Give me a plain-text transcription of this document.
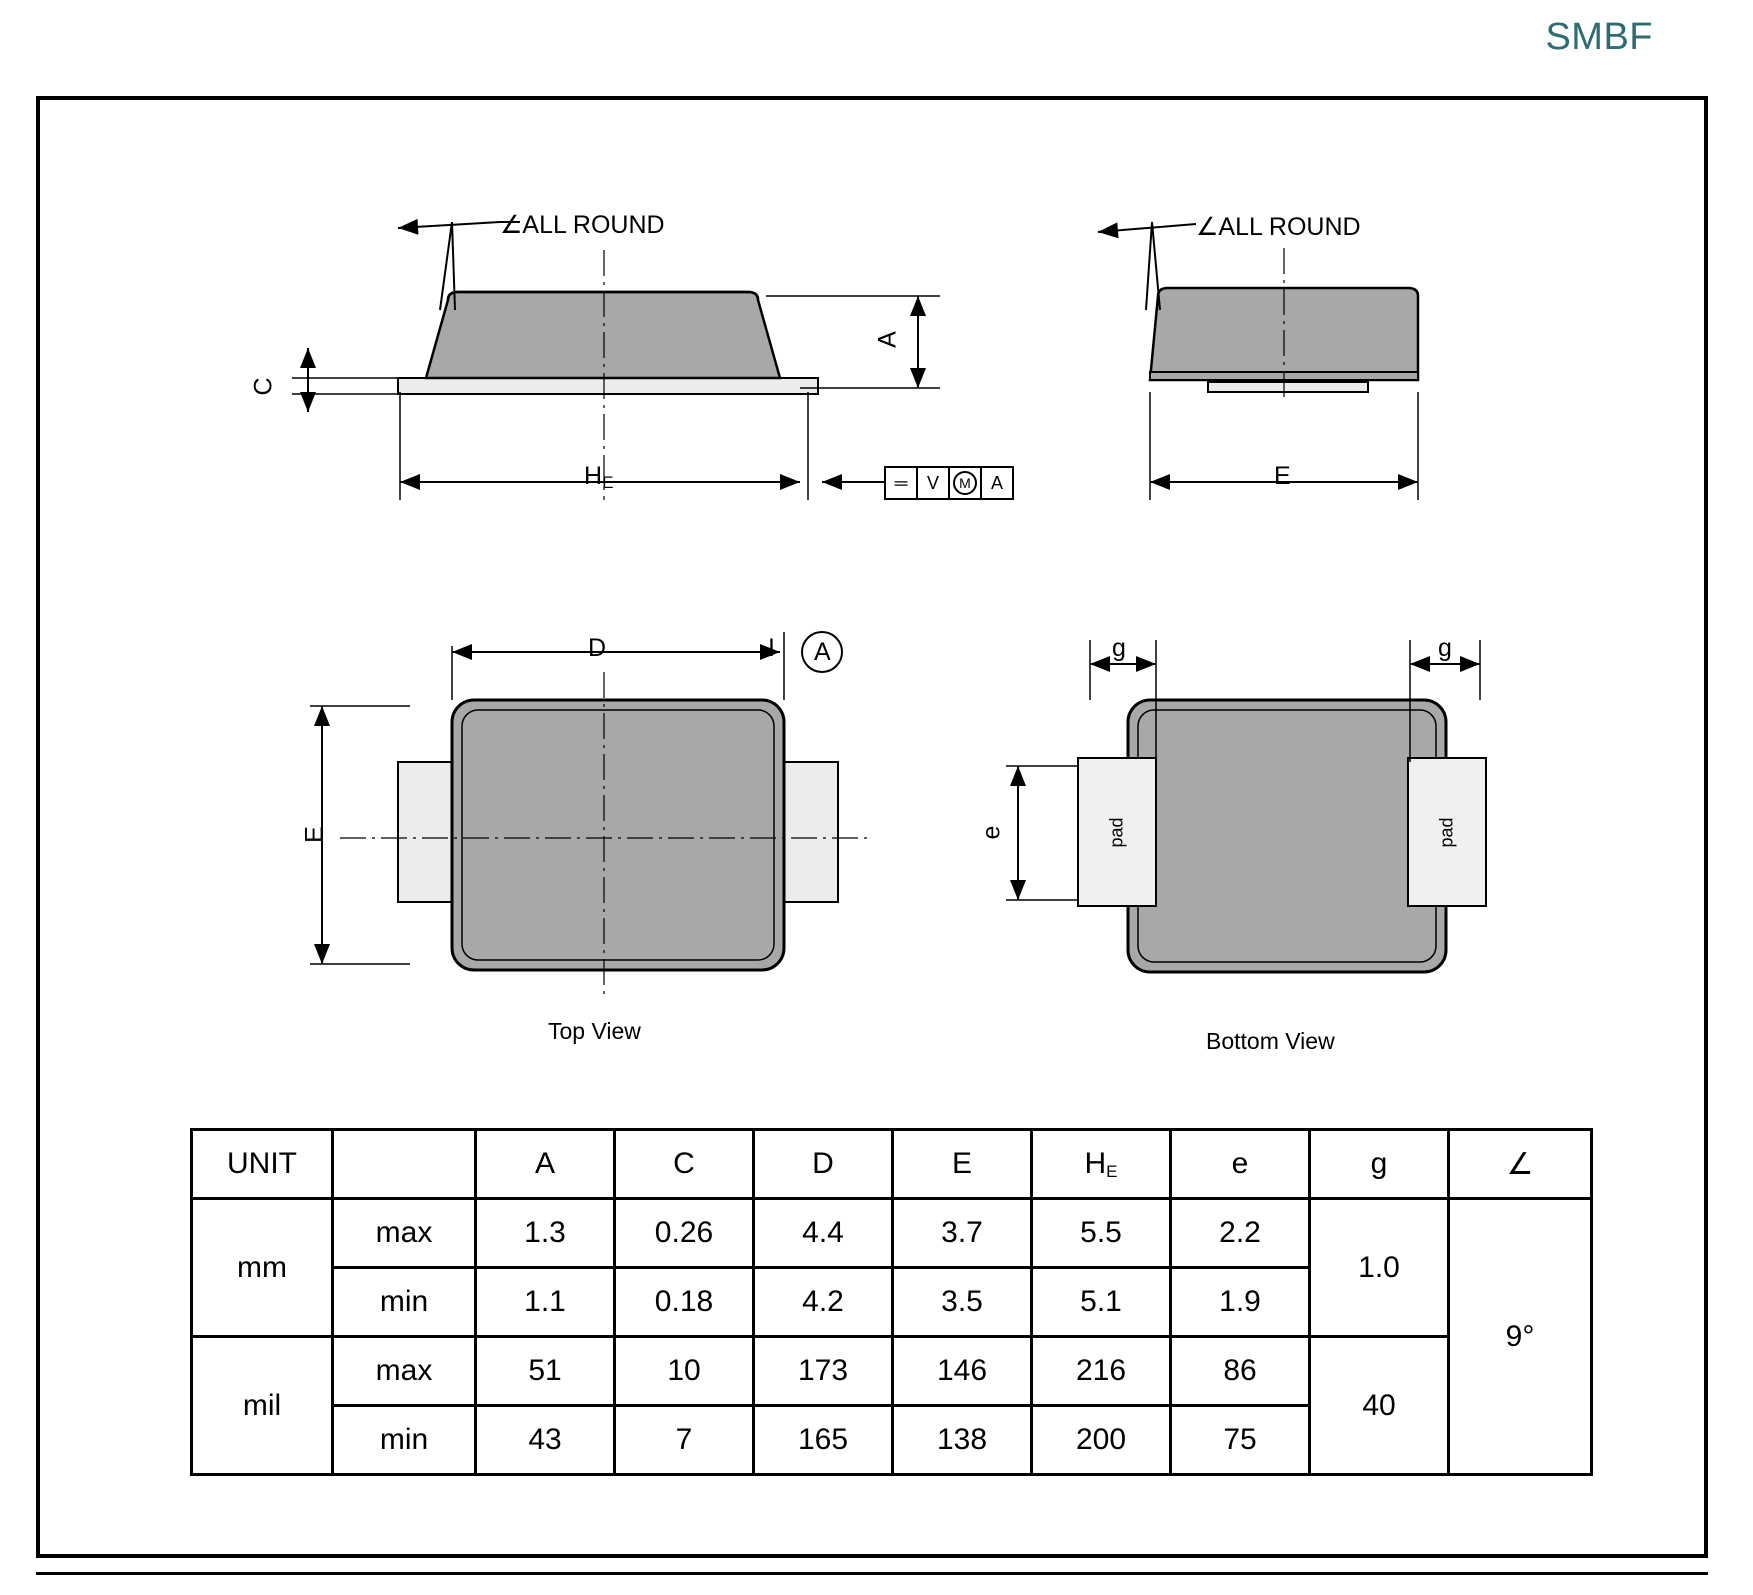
SMBF
∠ALL ROUND	∠ALL ROUND
A
C
$H_E$	E
D	I A
E	e
g	g
pad	pad
Top View	Bottom View
═	V	M	A
UNIT		A	C	D	E	$H_E$	e	g	∠
mm	max	1.3	0.26	4.4	3.7	5.5	2.2	1.0	9°
	min	1.1	0.18	4.2	3.5	5.1	1.9		
mil	max	51	10	173	146	216	86	40	
	min	43	7	165	138	200	75		
